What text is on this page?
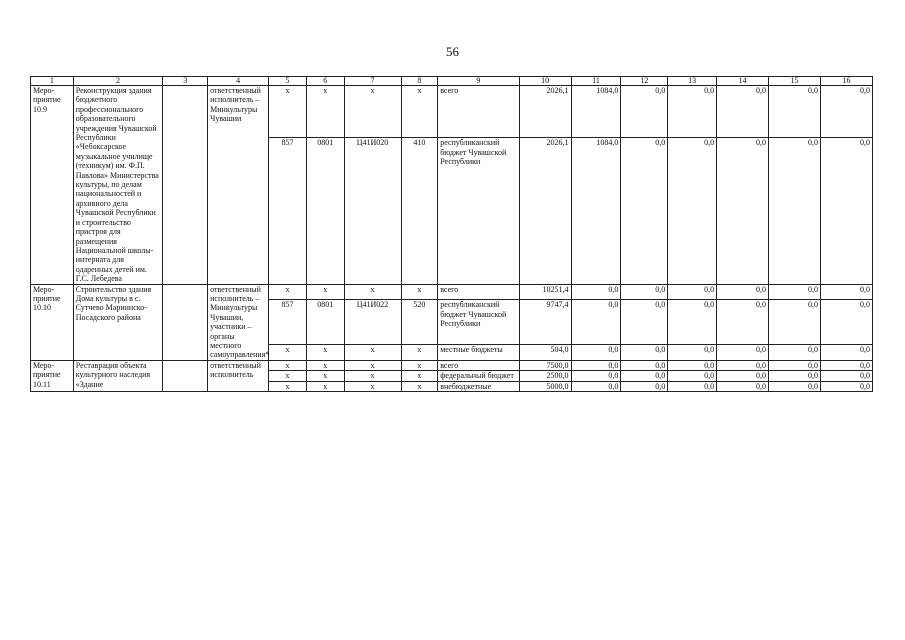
56
1	2	3	4	5	6	7	8	9	10	11	12	13	14	15	16
Меро-приятие 10.9	Реконструкция здания бюджетного профессионального образовательного учреждения Чувашской Республики «Чебоксарское музыкальное училище (техникум) им. Ф.П. Павлова» Министерства культуры, по делам национальностей и архивного дела Чувашской Республики и строительство пристроя для размещения Национальной школы-интерната для одаренных детей им. Г.С. Лебедева		ответственный исполнитель – Минкультуры Чувашии	x	x	x	x	всего	2026,1	1084,0	0,0	0,0	0,0	0,0	0,0
				857	0801	Ц41И020	410	республиканский бюджет Чувашской Республики	2026,1	1084,0	0,0	0,0	0,0	0,0	0,0
Меро-приятие 10.10	Строительство здания Дома культуры в с. Сутчево Мариинско-Посадского района		ответственный исполнитель – Минкультуры Чувашии, участники – органы местного самоуправления*	x	x	x	x	всего	10251,4	0,0	0,0	0,0	0,0	0,0	0,0
				857	0801	Ц41И022	520	республиканский бюджет Чувашской Республики	9747,4	0,0	0,0	0,0	0,0	0,0	0,0
				x	x	x	x	местные бюджеты	504,0	0,0	0,0	0,0	0,0	0,0	0,0
Меро-приятие 10.11	Реставрация объекта культурного наследия «Здание		ответственный исполнитель	x	x	x	x	всего	7500,0	0,0	0,0	0,0	0,0	0,0	0,0
				x	x	x	x	федеральный бюджет	2500,0	0,0	0,0	0,0	0,0	0,0	0,0
				x	x	x	x	внебюджетные	5000,0	0,0	0,0	0,0	0,0	0,0	0,0
